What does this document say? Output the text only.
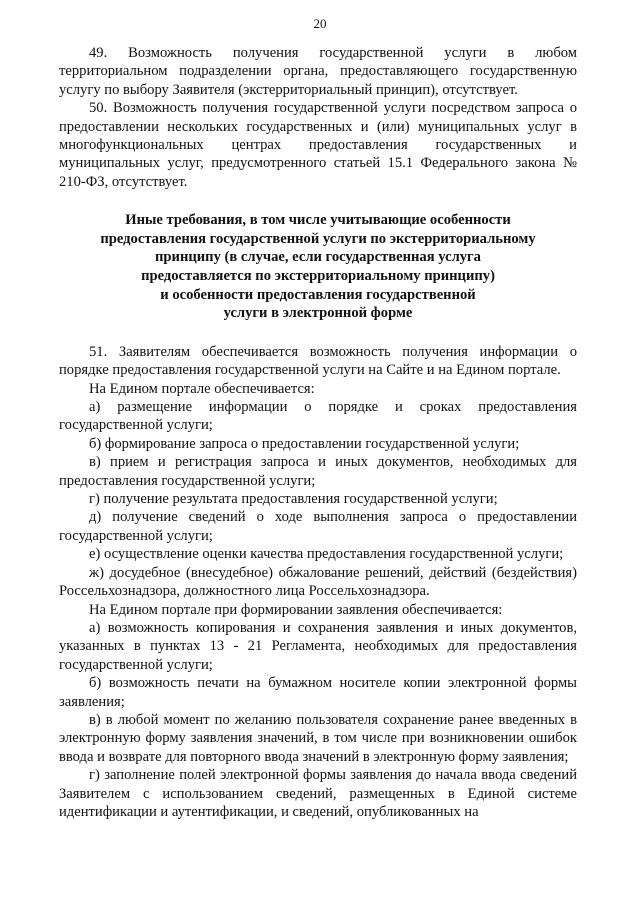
20

49. Возможность получения государственной услуги в любом территориальном подразделении органа, предоставляющего государственную услугу по выбору Заявителя (экстерриториальный принцип), отсутствует.

50. Возможность получения государственной услуги посредством запроса о предоставлении нескольких государственных и (или) муниципальных услуг в многофункциональных центрах предоставления государственных и муниципальных услуг, предусмотренного статьей 15.1 Федерального закона № 210-ФЗ, отсутствует.

Иные требования, в том числе учитывающие особенности
предоставления государственной услуги по экстерриториальному
принципу (в случае, если государственная услуга
предоставляется по экстерриториальному принципу)
и особенности предоставления государственной
услуги в электронной форме

51. Заявителям обеспечивается возможность получения информации о порядке предоставления государственной услуги на Сайте и на Едином портале.

На Едином портале обеспечивается:

а) размещение информации о порядке и сроках предоставления государственной услуги;

б) формирование запроса о предоставлении государственной услуги;

в) прием и регистрация запроса и иных документов, необходимых для предоставления государственной услуги;

г) получение результата предоставления государственной услуги;

д) получение сведений о ходе выполнения запроса о предоставлении государственной услуги;

е) осуществление оценки качества предоставления государственной услуги;

ж) досудебное (внесудебное) обжалование решений, действий (бездействия) Россельхознадзора, должностного лица Россельхознадзора.

На Едином портале при формировании заявления обеспечивается:

а) возможность копирования и сохранения заявления и иных документов, указанных в пунктах 13 - 21 Регламента, необходимых для предоставления государственной услуги;

б) возможность печати на бумажном носителе копии электронной формы заявления;

в) в любой момент по желанию пользователя сохранение ранее введенных в электронную форму заявления значений, в том числе при возникновении ошибок ввода и возврате для повторного ввода значений в электронную форму заявления;

г) заполнение полей электронной формы заявления до начала ввода сведений Заявителем с использованием сведений, размещенных в Единой системе идентификации и аутентификации, и сведений, опубликованных на
